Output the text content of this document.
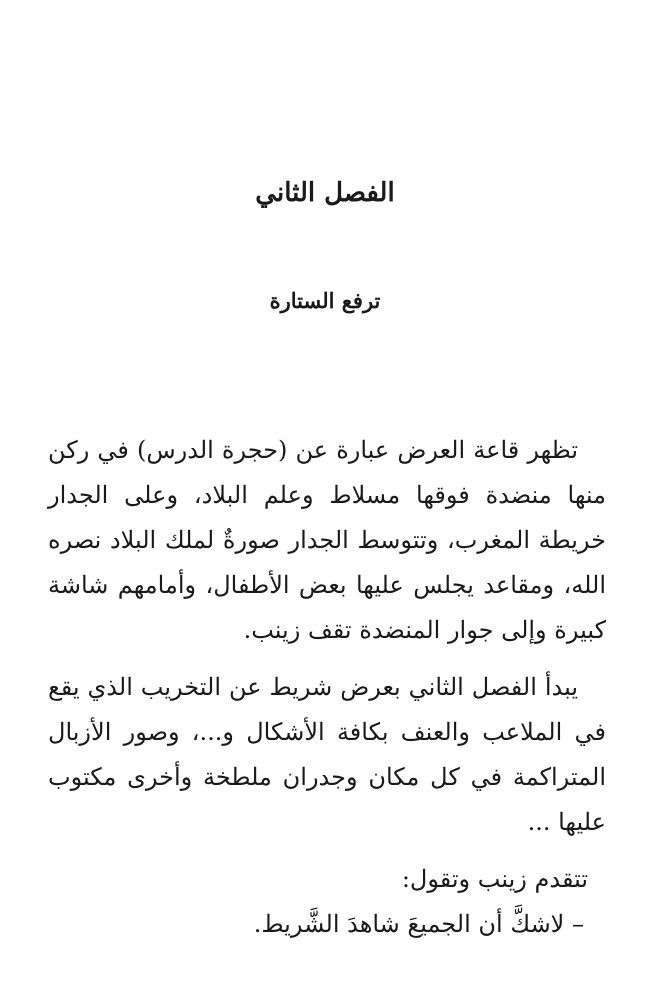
الفصل الثاني
ترفع الستارة

تظهر قاعة العرض عبارة عن (حجرة الدرس) في ركن منها منضدة فوقها مسلاط وعلم البلاد، وعلى الجدار خريطة المغرب، وتتوسط الجدار صورةٌ لملك البلاد نصره الله، ومقاعد يجلس عليها بعض الأطفال، وأمامهم شاشة كبيرة وإلى جوار المنضدة تقف زينب.

يبدأ الفصل الثاني بعرض شريط عن التخريب الذي يقع في الملاعب والعنف بكافة الأشكال و...، وصور الأزبال المتراكمة في كل مكان وجدران ملطخة وأخرى مكتوب عليها ...

تتقدم زينب وتقول:

– لاشكَّ أن الجميعَ شاهدَ الشَّريط.
